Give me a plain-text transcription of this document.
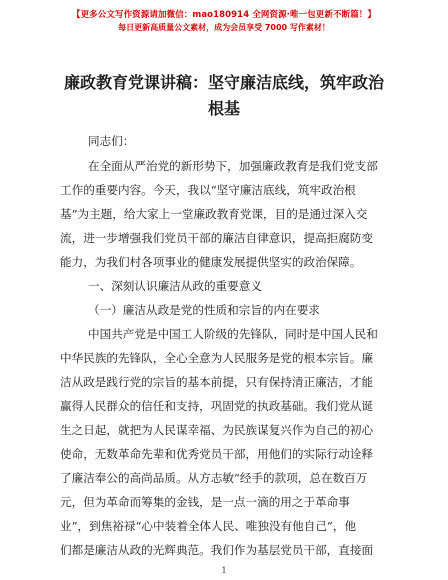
【更多公文写作资源请加微信：mao180914 全网资源·唯一包更新不断篇！】
每日更新高质量公文素材，成为会员享受 7000 写作素材！
廉政教育党课讲稿：坚守廉洁底线，筑牢政治
根基
同志们：
在全面从严治党的新形势下，加强廉政教育是我们党支部
工作的重要内容。今天，我以“坚守廉洁底线，筑牢政治根
基”为主题，给大家上一堂廉政教育党课，目的是通过深入交
流，进一步增强我们党员干部的廉洁自律意识，提高拒腐防变
能力，为我们村各项事业的健康发展提供坚实的政治保障。
一、深刻认识廉洁从政的重要意义
（一）廉洁从政是党的性质和宗旨的内在要求
中国共产党是中国工人阶级的先锋队，同时是中国人民和
中华民族的先锋队，全心全意为人民服务是党的根本宗旨。廉
洁从政是践行党的宗旨的基本前提，只有保持清正廉洁，才能
赢得人民群众的信任和支持，巩固党的执政基础。我们党从诞
生之日起，就把为人民谋幸福、为民族谋复兴作为自己的初心
使命，无数革命先辈和优秀党员干部，用他们的实际行动诠释
了廉洁奉公的高尚品质。从方志敏“经手的款项，总在数百万
元，但为革命而筹集的金钱，是一点一滴的用之于革命事
业”，到焦裕禄“心中装着全体人民、唯独没有他自己”，他
们都是廉洁从政的光辉典范。我们作为基层党员干部，直接面
1
